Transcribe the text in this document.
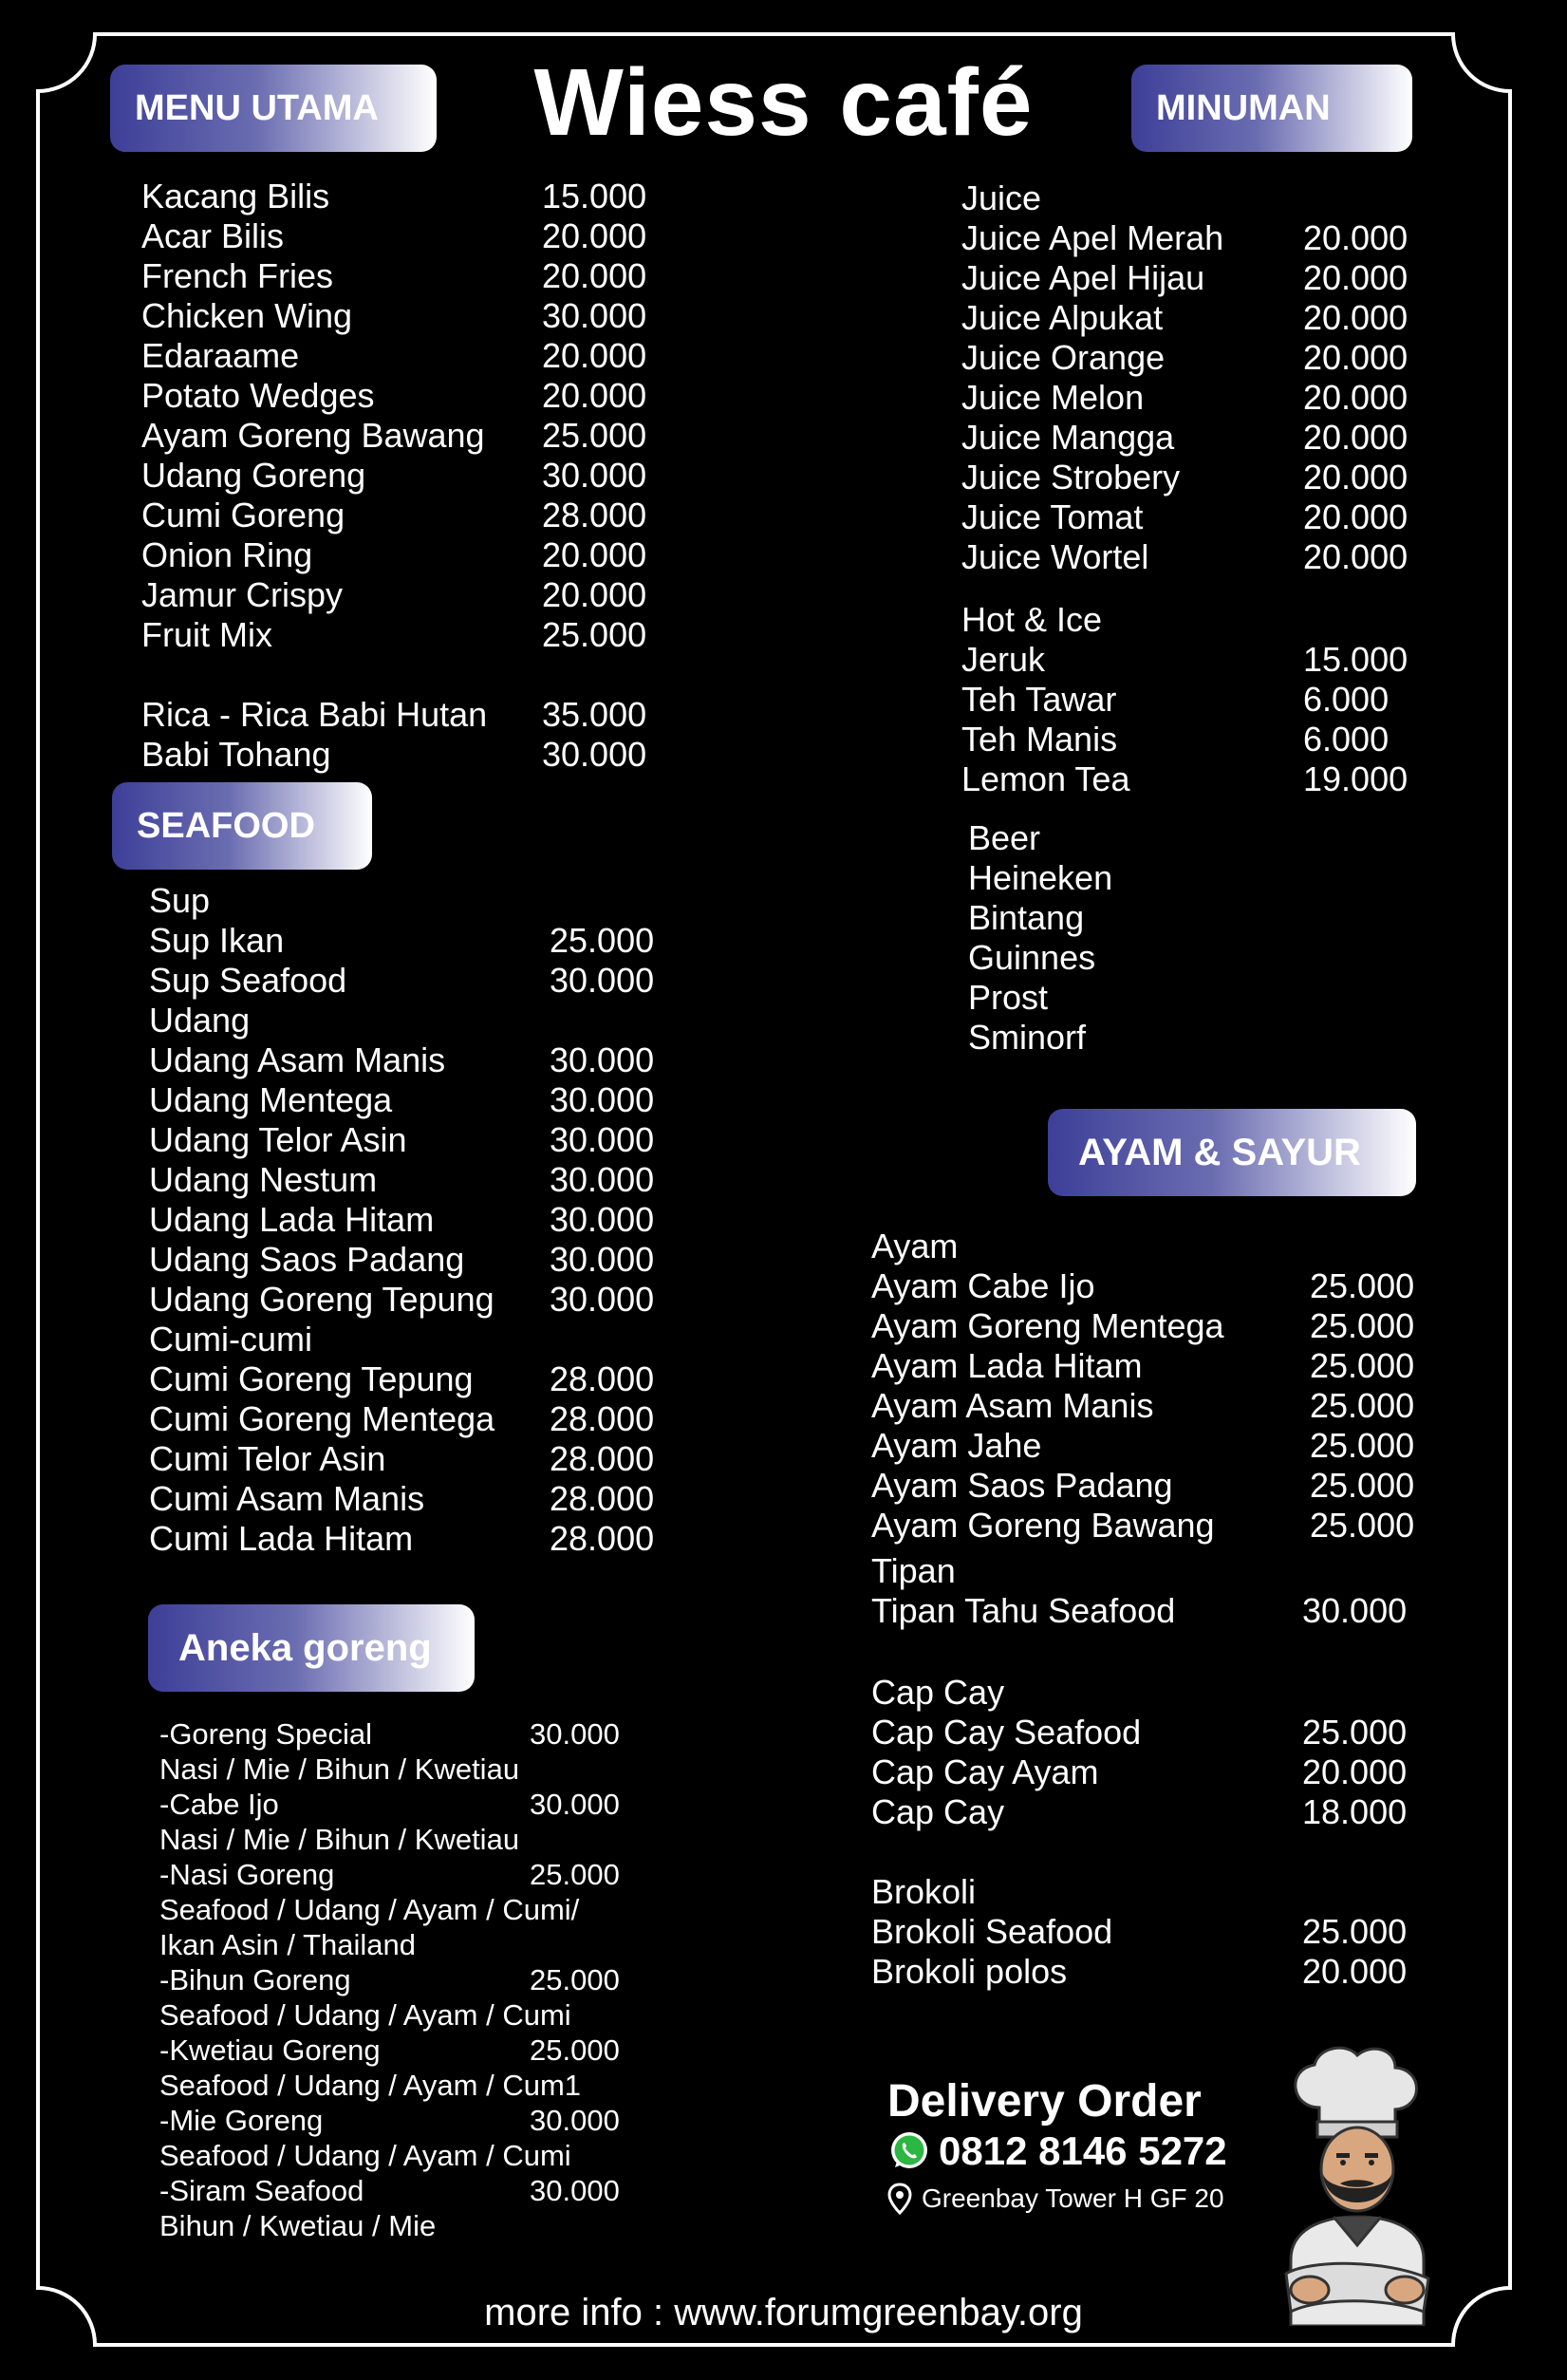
Wiess café
MENU UTAMA	MINUMAN
SEAFOOD
AYAM & SAYUR
Aneka goreng
Kacang Bilis	15.000
Acar Bilis	20.000
French Fries	20.000
Chicken Wing	30.000
Edaraame	20.000
Potato Wedges	20.000
Ayam Goreng Bawang 25.000
Udang Goreng	30.000
Cumi Goreng	28.000
Onion Ring	20.000
Jamur Crispy	20.000
Fruit Mix	25.000
Rica - Rica Babi Hutan 35.000
Babi Tohang	30.000
Sup
Sup Ikan	25.000
Sup Seafood	30.000
Udang
Udang Asam Manis	30.000
Udang Mentega	30.000
Udang Telor Asin	30.000
Udang Nestum	30.000
Udang Lada Hitam	30.000
Udang Saos Padang 30.000
Udang Goreng Tepung 30.000
Cumi-cumi
Cumi Goreng Tepung 28.000
Cumi Goreng Mentega 28.000
Cumi Telor Asin	28.000
Cumi Asam Manis	28.000
Cumi Lada Hitam	28.000
-Goreng Special	30.000
Nasi / Mie / Bihun / Kwetiau
-Cabe Ijo	30.000
Nasi / Mie / Bihun / Kwetiau
-Nasi Goreng	25.000
Seafood / Udang / Ayam / Cumi/
Ikan Asin / Thailand
-Bihun Goreng	25.000
Seafood / Udang / Ayam / Cumi
-Kwetiau Goreng	25.000
Seafood / Udang / Ayam / Cum1
-Mie Goreng	30.000
Seafood / Udang / Ayam / Cumi
-Siram Seafood	30.000
Bihun / Kwetiau / Mie
Juice
Juice Apel Merah 20.000
Juice Apel Hijau	20.000
Juice Alpukat	20.000
Juice Orange	20.000
Juice Melon	20.000
Juice Mangga	20.000
Juice Strobery	20.000
Juice Tomat	20.000
Juice Wortel	20.000
Hot & Ice
Jeruk	15.000
Teh Tawar	6.000
Teh Manis	6.000
Lemon Tea	19.000
Beer
Heineken
Bintang
Guinnes
Prost
Sminorf
Ayam
Ayam Cabe Ijo	25.000
Ayam Goreng Mentega	25.000
Ayam Lada Hitam	25.000
Ayam Asam Manis	25.000
Ayam Jahe	25.000
Ayam Saos Padang	25.000
Ayam Goreng Bawang	25.000
Tipan
Tipan Tahu Seafood	30.000
Cap Cay
Cap Cay Seafood	25.000
Cap Cay Ayam	20.000
Cap Cay	18.000
Brokoli
Brokoli Seafood	25.000
Brokoli polos	20.000
Delivery Order
0812 8146 5272
Greenbay Tower H GF 20
more info : www.forumgreenbay.org
